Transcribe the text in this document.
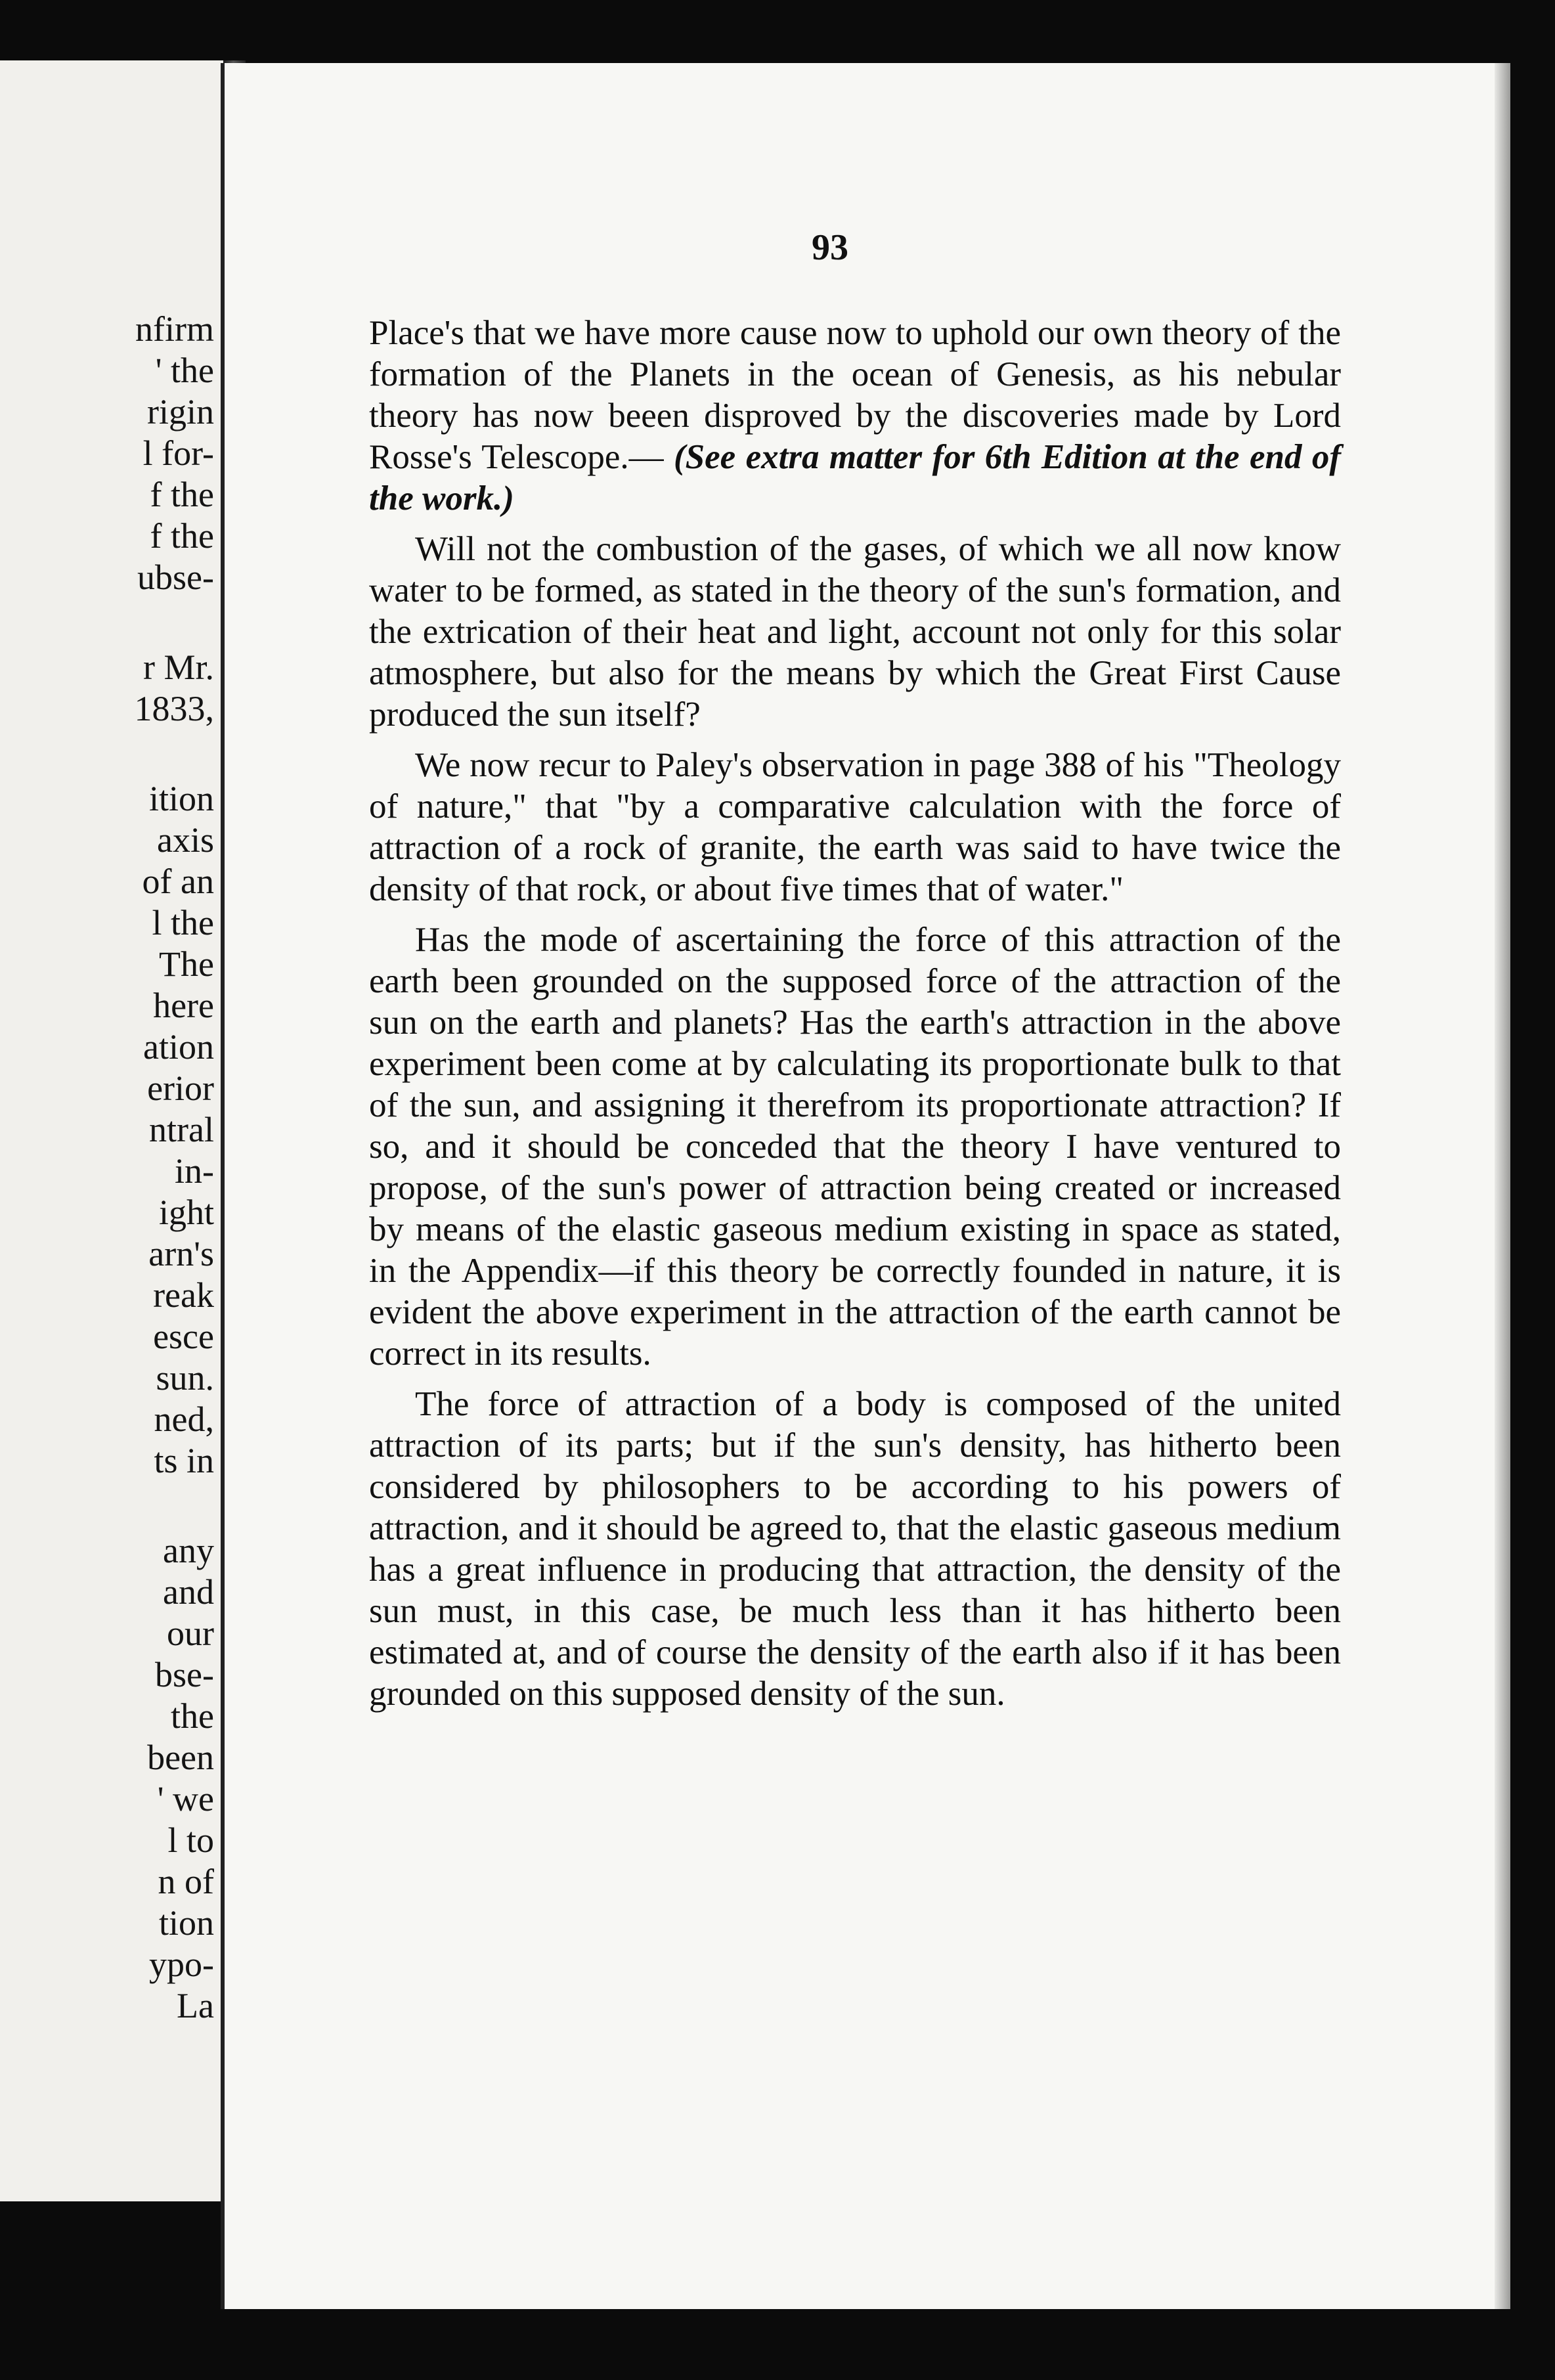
nfirm
' the
rigin
l for-
f the
f the
ubse-
r Mr.
1833,
ition
axis
of an
l the
The
here
ation
erior
ntral
in-
ight
arn's
reak
esce
sun.
ned,
ts in
any
and
our
bse-
the
been
' we
l to
n of
tion
ypo-
La
93

Place's that we have more cause now to uphold our own theory of the formation of the Planets in the ocean of Genesis, as his nebular theory has now beeen disproved by the discoveries made by Lord Rosse's Telescope.— (See extra matter for 6th Edition at the end of the work.)

Will not the combustion of the gases, of which we all now know water to be formed, as stated in the theory of the sun's formation, and the extrication of their heat and light, account not only for this solar atmosphere, but also for the means by which the Great First Cause produced the sun itself?

We now recur to Paley's observation in page 388 of his "Theology of nature," that "by a comparative calculation with the force of attraction of a rock of granite, the earth was said to have twice the density of that rock, or about five times that of water."

Has the mode of ascertaining the force of this attraction of the earth been grounded on the supposed force of the attraction of the sun on the earth and planets? Has the earth's attraction in the above experiment been come at by calculating its proportionate bulk to that of the sun, and assigning it therefrom its proportionate attraction? If so, and it should be conceded that the theory I have ventured to propose, of the sun's power of attraction being created or increased by means of the elastic gaseous medium existing in space as stated, in the Appendix—if this theory be correctly founded in nature, it is evident the above experiment in the attraction of the earth cannot be correct in its results.

The force of attraction of a body is composed of the united attraction of its parts; but if the sun's density, has hitherto been considered by philosophers to be according to his powers of attraction, and it should be agreed to, that the elastic gaseous medium has a great influence in producing that attraction, the density of the sun must, in this case, be much less than it has hitherto been estimated at, and of course the density of the earth also if it has been grounded on this supposed density of the sun.
